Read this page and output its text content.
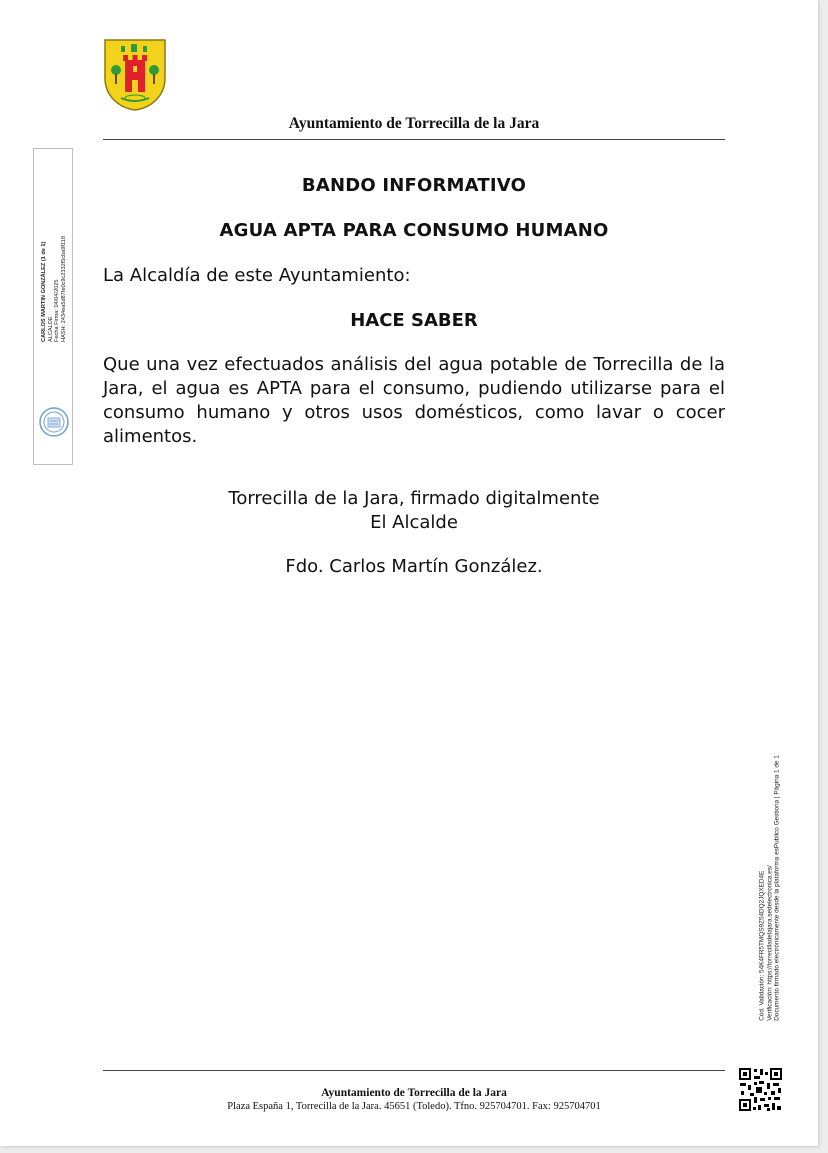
Ayuntamiento de Torrecilla de la Jara
CARLOS MARTIN GONZÁLEZ (1 de 1) ALCALDE Fecha Firma: 04/04/2025 HASH: 2434ea5d87fe0c9c2332f5cba9f118
BANDO INFORMATIVO
AGUA APTA PARA CONSUMO HUMANO
La Alcaldía de este Ayuntamiento:
HACE SABER
Que una vez efectuados análisis del agua potable de Torrecilla de la Jara, el agua es APTA para el consumo, pudiendo utilizarse para el consumo humano y otros usos domésticos, como lavar o cocer alimentos.
Torrecilla de la Jara, firmado digitalmente
El Alcalde
Fdo. Carlos Martín González.
Cód. Validación: 54K4FR5TMQS9Z54DQ2JQXED4E Verificación: https://torrecilladelajara.sedelectronica.es/ Documento firmado electrónicamente desde la plataforma esPublico Gestiona | Página 1 de 1
Ayuntamiento de Torrecilla de la Jara
Plaza España 1, Torrecilla de la Jara. 45651 (Toledo). Tfno. 925704701. Fax: 925704701
